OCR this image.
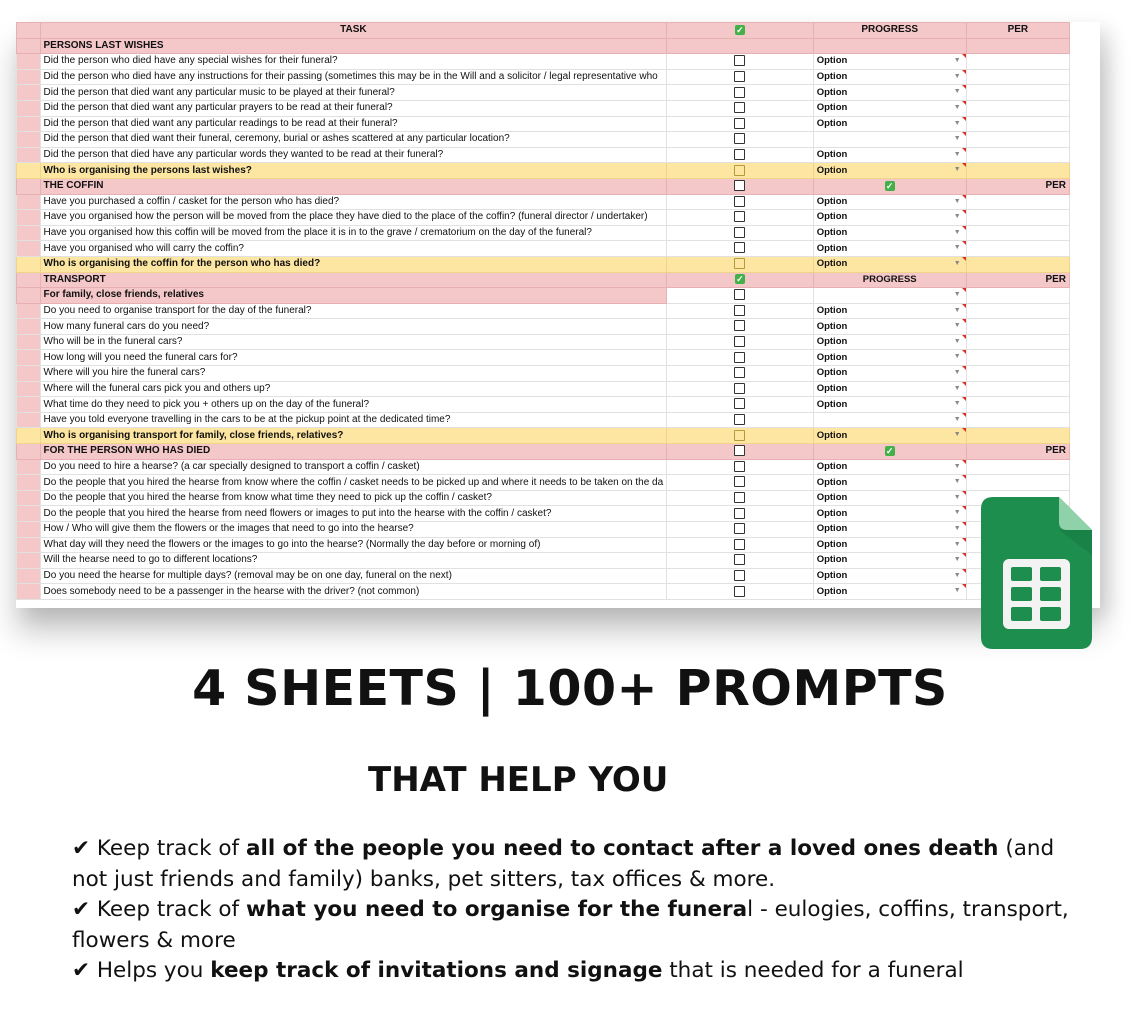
	TASK	✓	PROGRESS	PER
	PERSONS LAST WISHES			
	Did the person who died have any special wishes for their funeral?		Option ▼	

	Did the person who died have any instructions for their passing (sometimes this may be in the Will and a solicitor / legal representative who		Option ▼	

	Did the person that died want any particular music to be played at their funeral?		Option ▼	

	Did the person that died want any particular prayers to be read at their funeral?		Option ▼	

	Did the person that died want any particular readings to be read at their funeral?		Option ▼	

	Did the person that died want their funeral, ceremony, burial or ashes scattered at any particular location?		▼	

	Did the person that died have any particular words they wanted to be read at their funeral?		Option ▼	

	Who is organising the persons last wishes?		Option ▼	

	THE COFFIN		✓	PER
	Have you purchased a coffin / casket for the person who has died?		Option ▼	

	Have you organised how the person will be moved from the place they have died to the place of the coffin? (funeral director / undertaker)		Option ▼	

	Have you organised how this coffin will be moved from the place it is in to the grave / crematorium on the day of the funeral?		Option ▼	

	Have you organised who will carry the coffin?		Option ▼	

	Who is organising the coffin for the person who has died?		Option ▼	

	TRANSPORT	✓	PROGRESS	PER
	For family, close friends, relatives		▼	

	Do you need to organise transport for the day of the funeral?		Option ▼	

	How many funeral cars do you need?		Option ▼	

	Who will be in the funeral cars?		Option ▼	

	How long will you need the funeral cars for?		Option ▼	

	Where will you hire the funeral cars?		Option ▼	

	Where will the funeral cars pick you and others up?		Option ▼	

	What time do they need to pick you + others up on the day of the funeral?		Option ▼	

	Have you told everyone travelling in the cars to be at the pickup point at the dedicated time?		▼	

	Who is organising transport for family, close friends, relatives?		Option ▼	

	FOR THE PERSON WHO HAS DIED		✓	PER
	Do you need to hire a hearse? (a car specially designed to transport a coffin / casket)		Option ▼	

	Do the people that you hired the hearse from know where the coffin / casket needs to be picked up and where it needs to be taken on the da		Option ▼	

	Do the people that you hired the hearse from know what time they need to pick up the coffin / casket?		Option ▼	

	Do the people that you hired the hearse from need flowers or images to put into the hearse with the coffin / casket?		Option ▼	

	How / Who will give them the flowers or the images that need to go into the hearse?		Option ▼	

	What day will they need the flowers or the images to go into the hearse? (Normally the day before or morning of)		Option ▼	

	Will the hearse need to go to different locations?		Option ▼	

	Do you need the hearse for multiple days? (removal may be on one day, funeral on the next)		Option ▼	

	Does somebody need to be a passenger in the hearse with the driver? (not common)		Option ▼	

4 SHEETS | 100+ PROMPTS
THAT HELP YOU

✔ Keep track of all of the people you need to contact after a loved ones death (and not just friends and family) banks, pet sitters, tax offices & more.

✔ Keep track of what you need to organise for the funeral - eulogies, coffins, transport, flowers & more

✔ Helps you keep track of invitations and signage that is needed for a funeral
